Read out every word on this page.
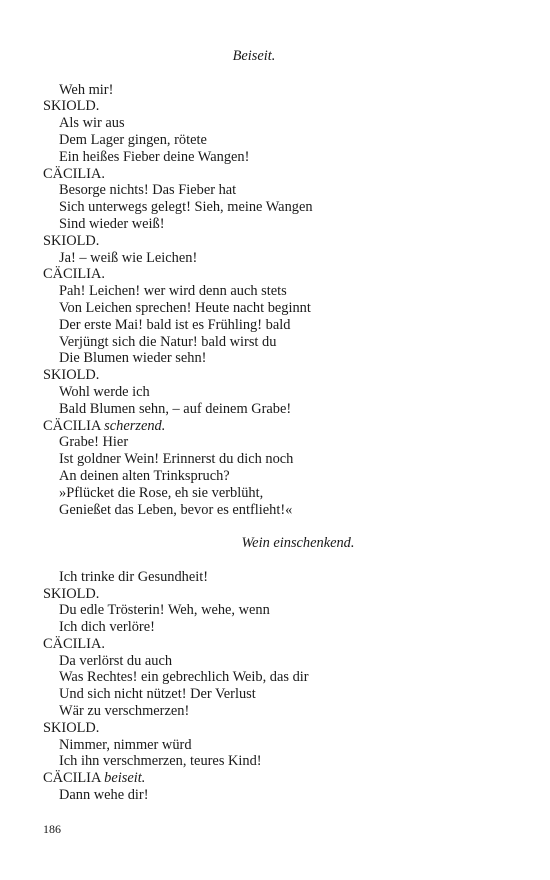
Beiseit.
Weh mir!
SKIOLD.
Als wir aus
Dem Lager gingen, rötete
Ein heißes Fieber deine Wangen!
CÄCILIA.
Besorge nichts! Das Fieber hat
Sich unterwegs gelegt! Sieh, meine Wangen
Sind wieder weiß!
SKIOLD.
Ja! – weiß wie Leichen!
CÄCILIA.
Pah! Leichen! wer wird denn auch stets
Von Leichen sprechen! Heute nacht beginnt
Der erste Mai! bald ist es Frühling! bald
Verjüngt sich die Natur! bald wirst du
Die Blumen wieder sehn!
SKIOLD.
Wohl werde ich
Bald Blumen sehn, – auf deinem Grabe!
CÄCILIA scherzend.
Grabe! Hier
Ist goldner Wein! Erinnerst du dich noch
An deinen alten Trinkspruch?
»Pflücket die Rose, eh sie verblüht,
Genießet das Leben, bevor es entflieht!«
Wein einschenkend.
Ich trinke dir Gesundheit!
SKIOLD.
Du edle Trösterin! Weh, wehe, wenn
Ich dich verlöre!
CÄCILIA.
Da verlörst du auch
Was Rechtes! ein gebrechlich Weib, das dir
Und sich nicht nützet! Der Verlust
Wär zu verschmerzen!
SKIOLD.
Nimmer, nimmer würd
Ich ihn verschmerzen, teures Kind!
CÄCILIA beiseit.
Dann wehe dir!
186
